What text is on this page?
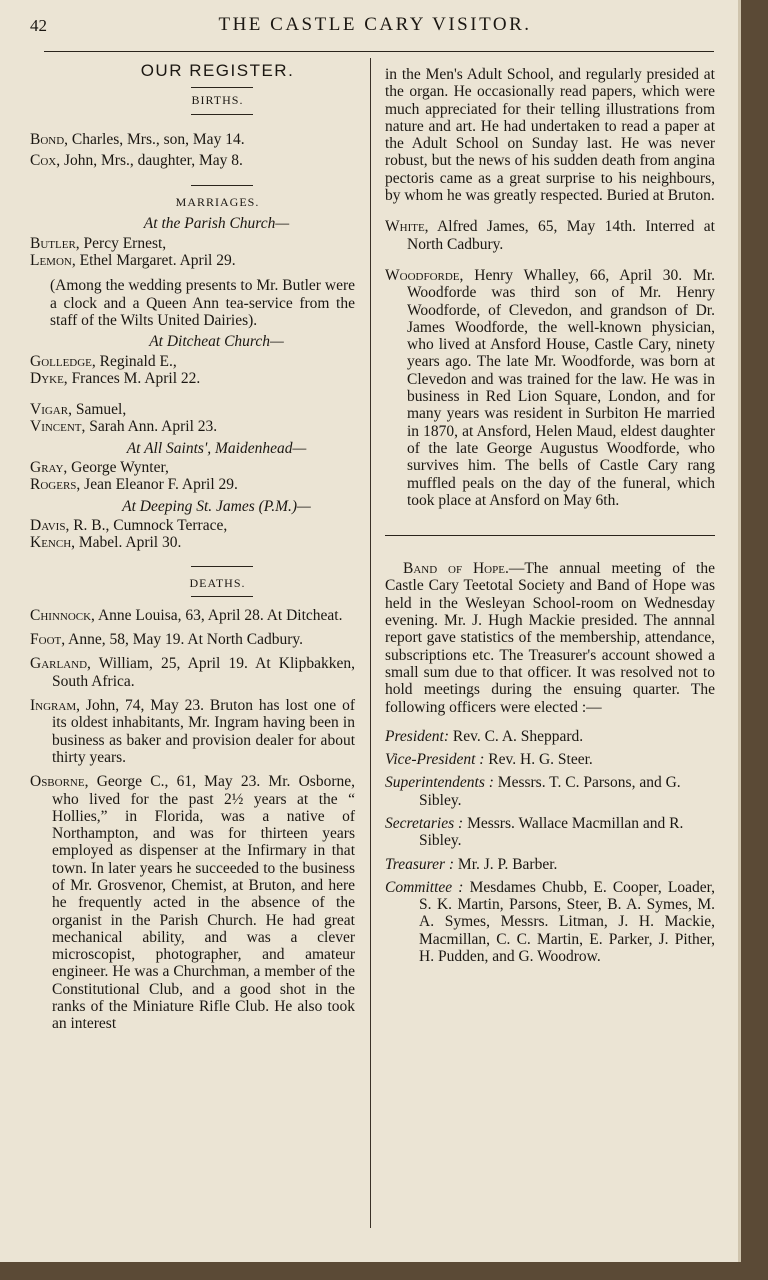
42	THE CASTLE CARY VISITOR.
OUR REGISTER.
BIRTHS.

Bond, Charles, Mrs., son, May 14.

Cox, John, Mrs., daughter, May 8.

MARRIAGES.
At the Parish Church—

Butler, Percy Ernest,

Lemon, Ethel Margaret. April 29.

(Among the wedding presents to Mr. Butler were a clock and a Queen Ann tea-service from the staff of the Wilts United Dairies).

At Ditcheat Church—

Golledge, Reginald E.,

Dyke, Frances M. April 22.

Vigar, Samuel,

Vincent, Sarah Ann. April 23.

At All Saints', Maidenhead—

Gray, George Wynter,

Rogers, Jean Eleanor F. April 29.

At Deeping St. James (P.M.)—

Davis, R. B., Cumnock Terrace,

Kench, Mabel. April 30.

DEATHS.

Chinnock, Anne Louisa, 63, April 28. At Ditcheat.

Foot, Anne, 58, May 19. At North Cadbury.

Garland, William, 25, April 19. At Klipbakken, South Africa.

Ingram, John, 74, May 23. Bruton has lost one of its oldest inhabitants, Mr. Ingram having been in business as baker and provision dealer for about thirty years.

Osborne, George C., 61, May 23. Mr. Osborne, who lived for the past 2½ years at the “ Hollies,” in Florida, was a native of Northampton, and was for thirteen years employed as dispenser at the Infirmary in that town. In later years he succeeded to the business of Mr. Grosvenor, Chemist, at Bruton, and here he frequently acted in the absence of the organist in the Parish Church. He had great mechanical ability, and was a clever microscopist, photographer, and amateur engineer. He was a Churchman, a member of the Constitutional Club, and a good shot in the ranks of the Miniature Rifle Club. He also took an interest

in the Men's Adult School, and regularly presided at the organ. He occasionally read papers, which were much appreciated for their telling illustrations from nature and art. He had undertaken to read a paper at the Adult School on Sunday last. He was never robust, but the news of his sudden death from angina pectoris came as a great surprise to his neighbours, by whom he was greatly respected. Buried at Bruton.

White, Alfred James, 65, May 14th. Interred at North Cadbury.

Woodforde, Henry Whalley, 66, April 30. Mr. Woodforde was third son of Mr. Henry Woodforde, of Clevedon, and grandson of Dr. James Woodforde, the well-known physician, who lived at Ansford House, Castle Cary, ninety years ago. The late Mr. Woodforde, was born at Clevedon and was trained for the law. He was in business in Red Lion Square, London, and for many years was resident in Surbiton He married in 1870, at Ansford, Helen Maud, eldest daughter of the late George Augustus Woodforde, who survives him. The bells of Castle Cary rang muffled peals on the day of the funeral, which took place at Ansford on May 6th.

Band of Hope.—The annual meeting of the Castle Cary Teetotal Society and Band of Hope was held in the Wesleyan School-room on Wednesday evening. Mr. J. Hugh Mackie presided. The annnal report gave statistics of the membership, attendance, subscriptions etc. The Treasurer's account showed a small sum due to that officer. It was resolved not to hold meetings during the ensuing quarter. The following officers were elected :—

President: Rev. C. A. Sheppard.

Vice-President : Rev. H. G. Steer.

Superintendents : Messrs. T. C. Parsons, and G. Sibley.

Secretaries : Messrs. Wallace Macmillan and R. Sibley.

Treasurer : Mr. J. P. Barber.

Committee : Mesdames Chubb, E. Cooper, Loader, S. K. Martin, Parsons, Steer, B. A. Symes, M. A. Symes, Messrs. Litman, J. H. Mackie, Macmillan, C. C. Martin, E. Parker, J. Pither, H. Pudden, and G. Woodrow.
